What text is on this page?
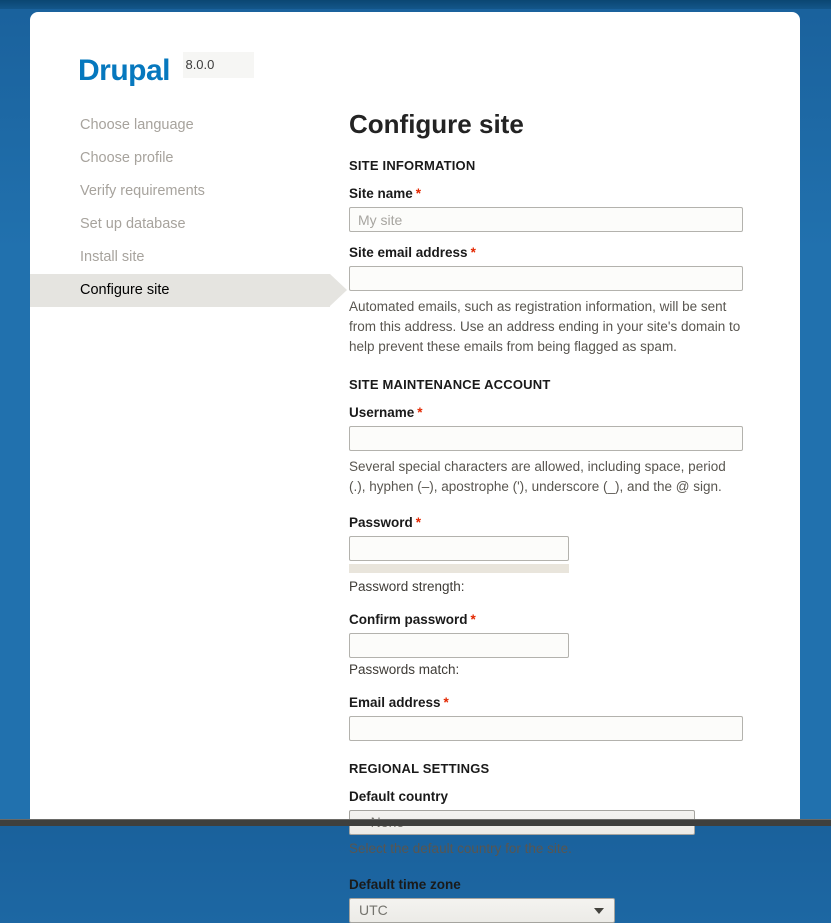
Drupal 8.0.0
Choose language
Choose profile
Verify requirements
Set up database
Install site
Configure site
Configure site
SITE INFORMATION
Site name *
My site
Site email address *
Automated emails, such as registration information, will be sent from this address. Use an address ending in your site's domain to help prevent these emails from being flagged as spam.
SITE MAINTENANCE ACCOUNT
Username *
Several special characters are allowed, including space, period (.), hyphen (–), apostrophe ('), underscore (_), and the @ sign.
Password *
Password strength:
Confirm password *
Passwords match:
Email address *
REGIONAL SETTINGS
Default country
Select the default country for the site.
Default time zone
UTC
